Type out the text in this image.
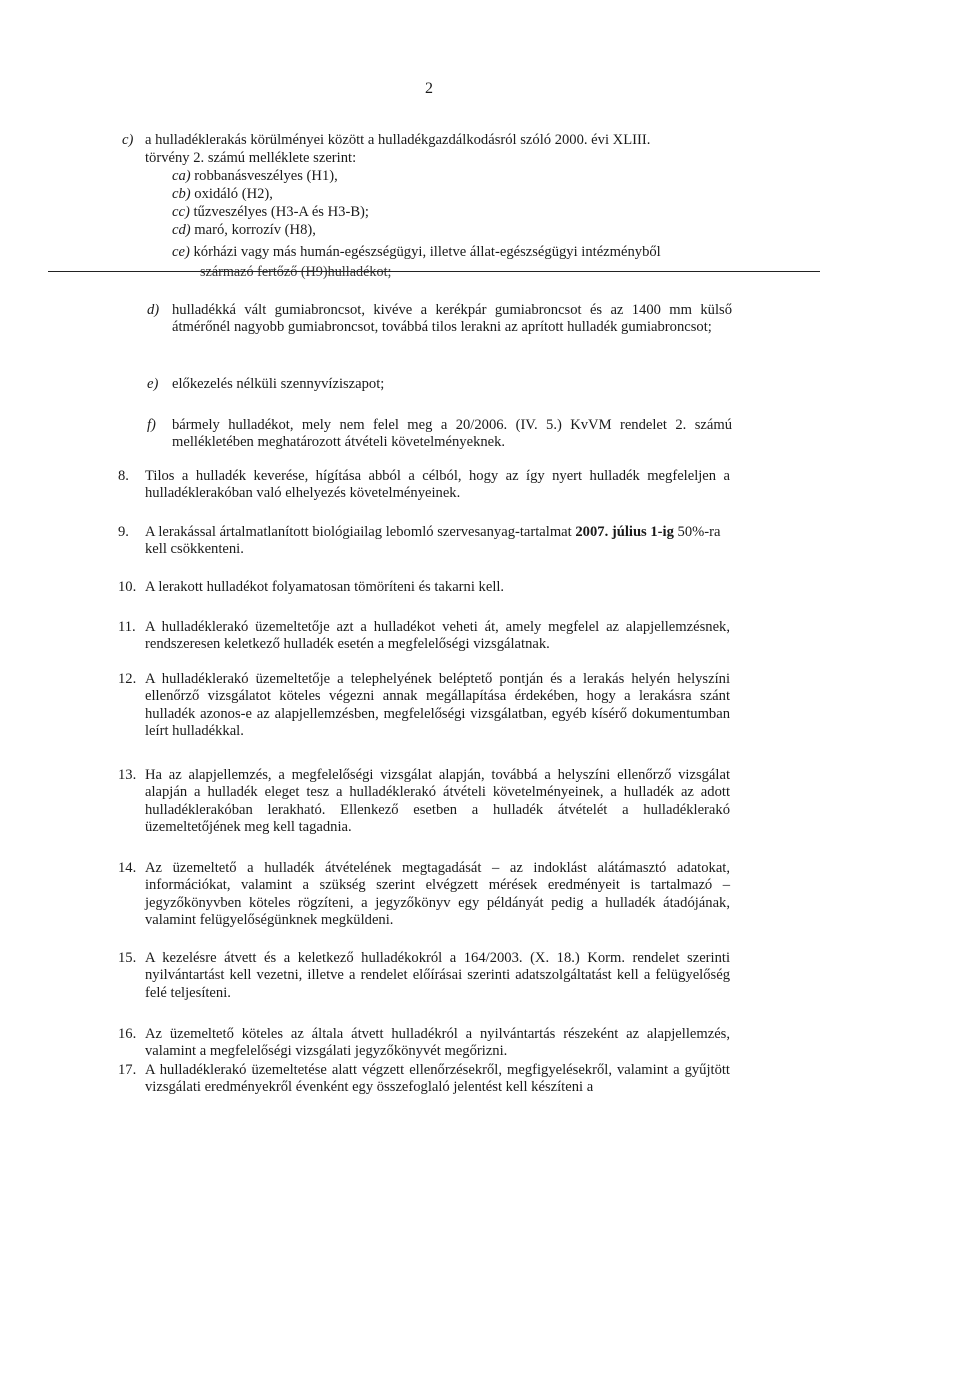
2
c) a hulladéklerakás körülményei között a hulladékgazdálkodásról szóló 2000. évi XLIII.
törvény 2. számú melléklete szerint:
ca) robbanásveszélyes (H1),
cb) oxidáló (H2),
cc) tűzveszélyes (H3-A és H3-B);
cd) maró, korrozív (H8),
ce) kórházi vagy más humán-egészségügyi, illetve állat-egészségügyi intézményből
származó fertőző (H9)hulladékot;
d) hulladékká vált gumiabroncsot, kivéve a kerékpár gumiabroncsot és az 1400 mm külső átmérőnél nagyobb gumiabroncsot, továbbá tilos lerakni az aprított hulladék gumiabroncsot;
e) előkezelés nélküli szennyvíziszapot;
f) bármely hulladékot, mely nem felel meg a 20/2006. (IV. 5.) KvVM rendelet 2. számú mellékletében meghatározott átvételi követelményeknek.
8. Tilos a hulladék keverése, hígítása abból a célból, hogy az így nyert hulladék megfeleljen a hulladéklerakóban való elhelyezés követelményeinek.
9. A lerakással ártalmatlanított biológiailag lebomló szervesanyag-tartalmat 2007. július 1-ig 50%-ra kell csökkenteni.
10. A lerakott hulladékot folyamatosan tömöríteni és takarni kell.
11. A hulladéklerakó üzemeltetője azt a hulladékot veheti át, amely megfelel az alapjellemzésnek, rendszeresen keletkező hulladék esetén a megfelelőségi vizsgálatnak.
12. A hulladéklerakó üzemeltetője a telephelyének beléptető pontján és a lerakás helyén helyszíni ellenőrző vizsgálatot köteles végezni annak megállapítása érdekében, hogy a lerakásra szánt hulladék azonos-e az alapjellemzésben, megfelelőségi vizsgálatban, egyéb kísérő dokumentumban leírt hulladékkal.
13. Ha az alapjellemzés, a megfelelőségi vizsgálat alapján, továbbá a helyszíni ellenőrző vizsgálat alapján a hulladék eleget tesz a hulladéklerakó átvételi követelményeinek, a hulladék az adott hulladéklerakóban lerakható. Ellenkező esetben a hulladék átvételét a hulladéklerakó üzemeltetőjének meg kell tagadnia.
14. Az üzemeltető a hulladék átvételének megtagadását – az indoklást alátámasztó adatokat, információkat, valamint a szükség szerint elvégzett mérések eredményeit is tartalmazó – jegyzőkönyvben köteles rögzíteni, a jegyzőkönyv egy példányát pedig a hulladék átadójának, valamint felügyelőségünknek megküldeni.
15. A kezelésre átvett és a keletkező hulladékokról a 164/2003. (X. 18.) Korm. rendelet szerinti nyilvántartást kell vezetni, illetve a rendelet előírásai szerinti adatszolgáltatást kell a felügyelőség felé teljesíteni.
16. Az üzemeltető köteles az általa átvett hulladékról a nyilvántartás részeként az alapjellemzés, valamint a megfelelőségi vizsgálati jegyzőkönyvét megőrizni.
17. A hulladéklerakó üzemeltetése alatt végzett ellenőrzésekről, megfigyelésekről, valamint a gyűjtött vizsgálati eredményekről évenként egy összefoglaló jelentést kell készíteni a
